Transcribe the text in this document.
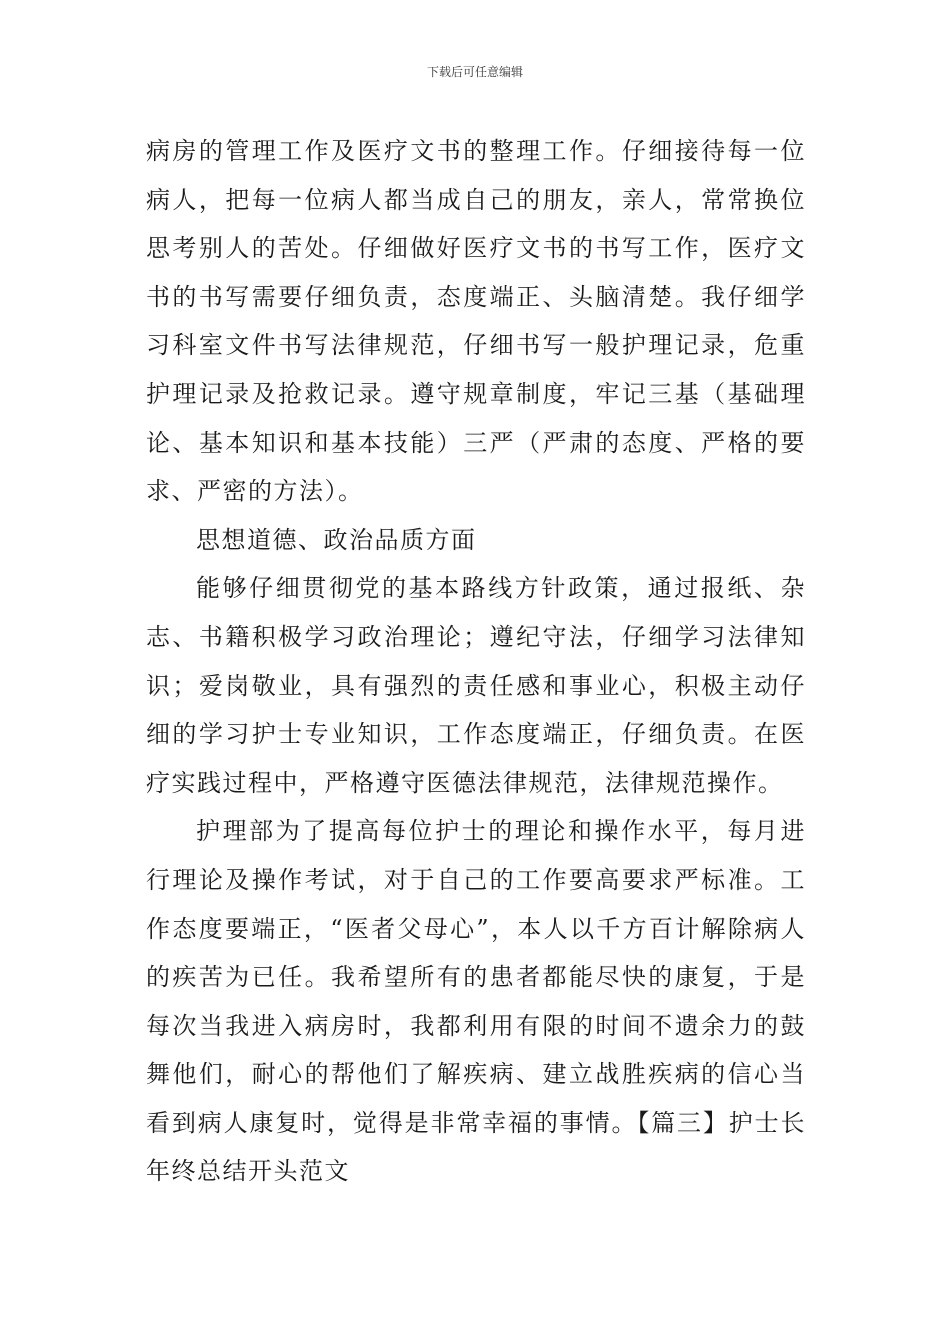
下载后可任意编辑

病房的管理工作及医疗文书的整理工作。仔细接待每一位病人，把每一位病人都当成自己的朋友，亲人，常常换位思考别人的苦处。仔细做好医疗文书的书写工作，医疗文书的书写需要仔细负责，态度端正、头脑清楚。我仔细学习科室文件书写法律规范，仔细书写一般护理记录，危重护理记录及抢救记录。遵守规章制度，牢记三基（基础理论、基本知识和基本技能）三严（严肃的态度、严格的要求、严密的方法）。

思想道德、政治品质方面

能够仔细贯彻党的基本路线方针政策，通过报纸、杂志、书籍积极学习政治理论；遵纪守法，仔细学习法律知识；爱岗敬业，具有强烈的责任感和事业心，积极主动仔细的学习护士专业知识，工作态度端正，仔细负责。在医疗实践过程中，严格遵守医德法律规范，法律规范操作。

护理部为了提高每位护士的理论和操作水平，每月进行理论及操作考试，对于自己的工作要高要求严标准。工作态度要端正，“医者父母心”，本人以千方百计解除病人的疾苦为已任。我希望所有的患者都能尽快的康复，于是每次当我进入病房时，我都利用有限的时间不遗余力的鼓舞他们，耐心的帮他们了解疾病、建立战胜疾病的信心当看到病人康复时，觉得是非常幸福的事情。【篇三】护士长年终总结开头范文
